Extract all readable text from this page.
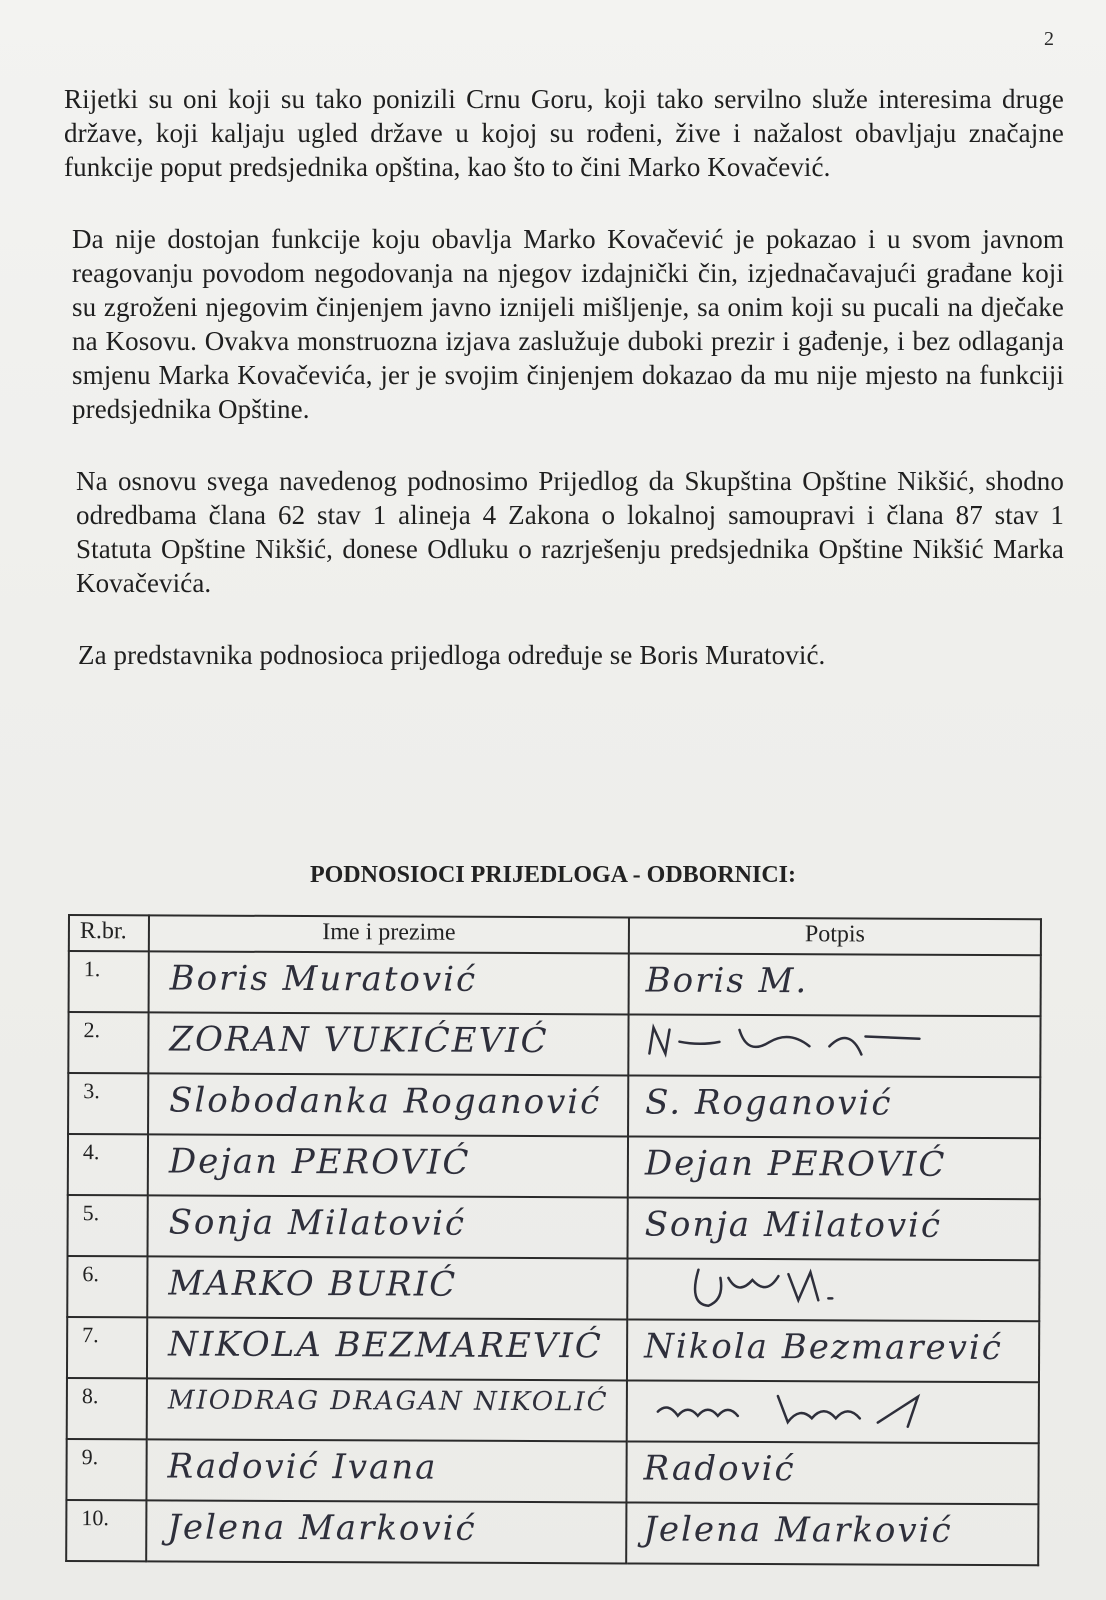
2

Rijetki su oni koji su tako ponizili Crnu Goru, koji tako servilno služe interesima druge države, koji kaljaju ugled države u kojoj su rođeni, žive i nažalost obavljaju značajne funkcije poput predsjednika opština, kao što to čini Marko Kovačević.

Da nije dostojan funkcije koju obavlja Marko Kovačević je pokazao i u svom javnom reagovanju povodom negodovanja na njegov izdajnički čin, izjednačavajući građane koji su zgroženi njegovim činjenjem javno iznijeli mišljenje, sa onim koji su pucali na dječake na Kosovu. Ovakva monstruozna izjava zaslužuje duboki prezir i gađenje, i bez odlaganja smjenu Marka Kovačevića, jer je svojim činjenjem dokazao da mu nije mjesto na funkciji predsjednika Opštine.

Na osnovu svega navedenog podnosimo Prijedlog da Skupština Opštine Nikšić, shodno odredbama člana 62 stav 1 alineja 4 Zakona o lokalnoj samoupravi i člana 87 stav 1 Statuta Opštine Nikšić, donese Odluku o razrješenju predsjednika Opštine Nikšić Marka Kovačevića.

Za predstavnika podnosioca prijedloga određuje se Boris Muratović.

PODNOSIOCI PRIJEDLOGA - ODBORNICI:
R.br.	Ime i prezime	Potpis
1.	Boris Muratović	Boris M.

2.	ZORAN VUKIĆEVIĆ

3.	Slobodanka Roganović	S. Roganović

4.	Dejan PEROVIĆ	Dejan PEROVIĆ

5.	Sonja Milatović	Sonja Milatović

6.	MARKO BURIĆ

7.	NIKOLA BEZMAREVIĆ	Nikola Bezmarević

8.	MIODRAG DRAGAN NIKOLIĆ

9.	Radović Ivana	Radović

10.	Jelena Marković	Jelena Marković
